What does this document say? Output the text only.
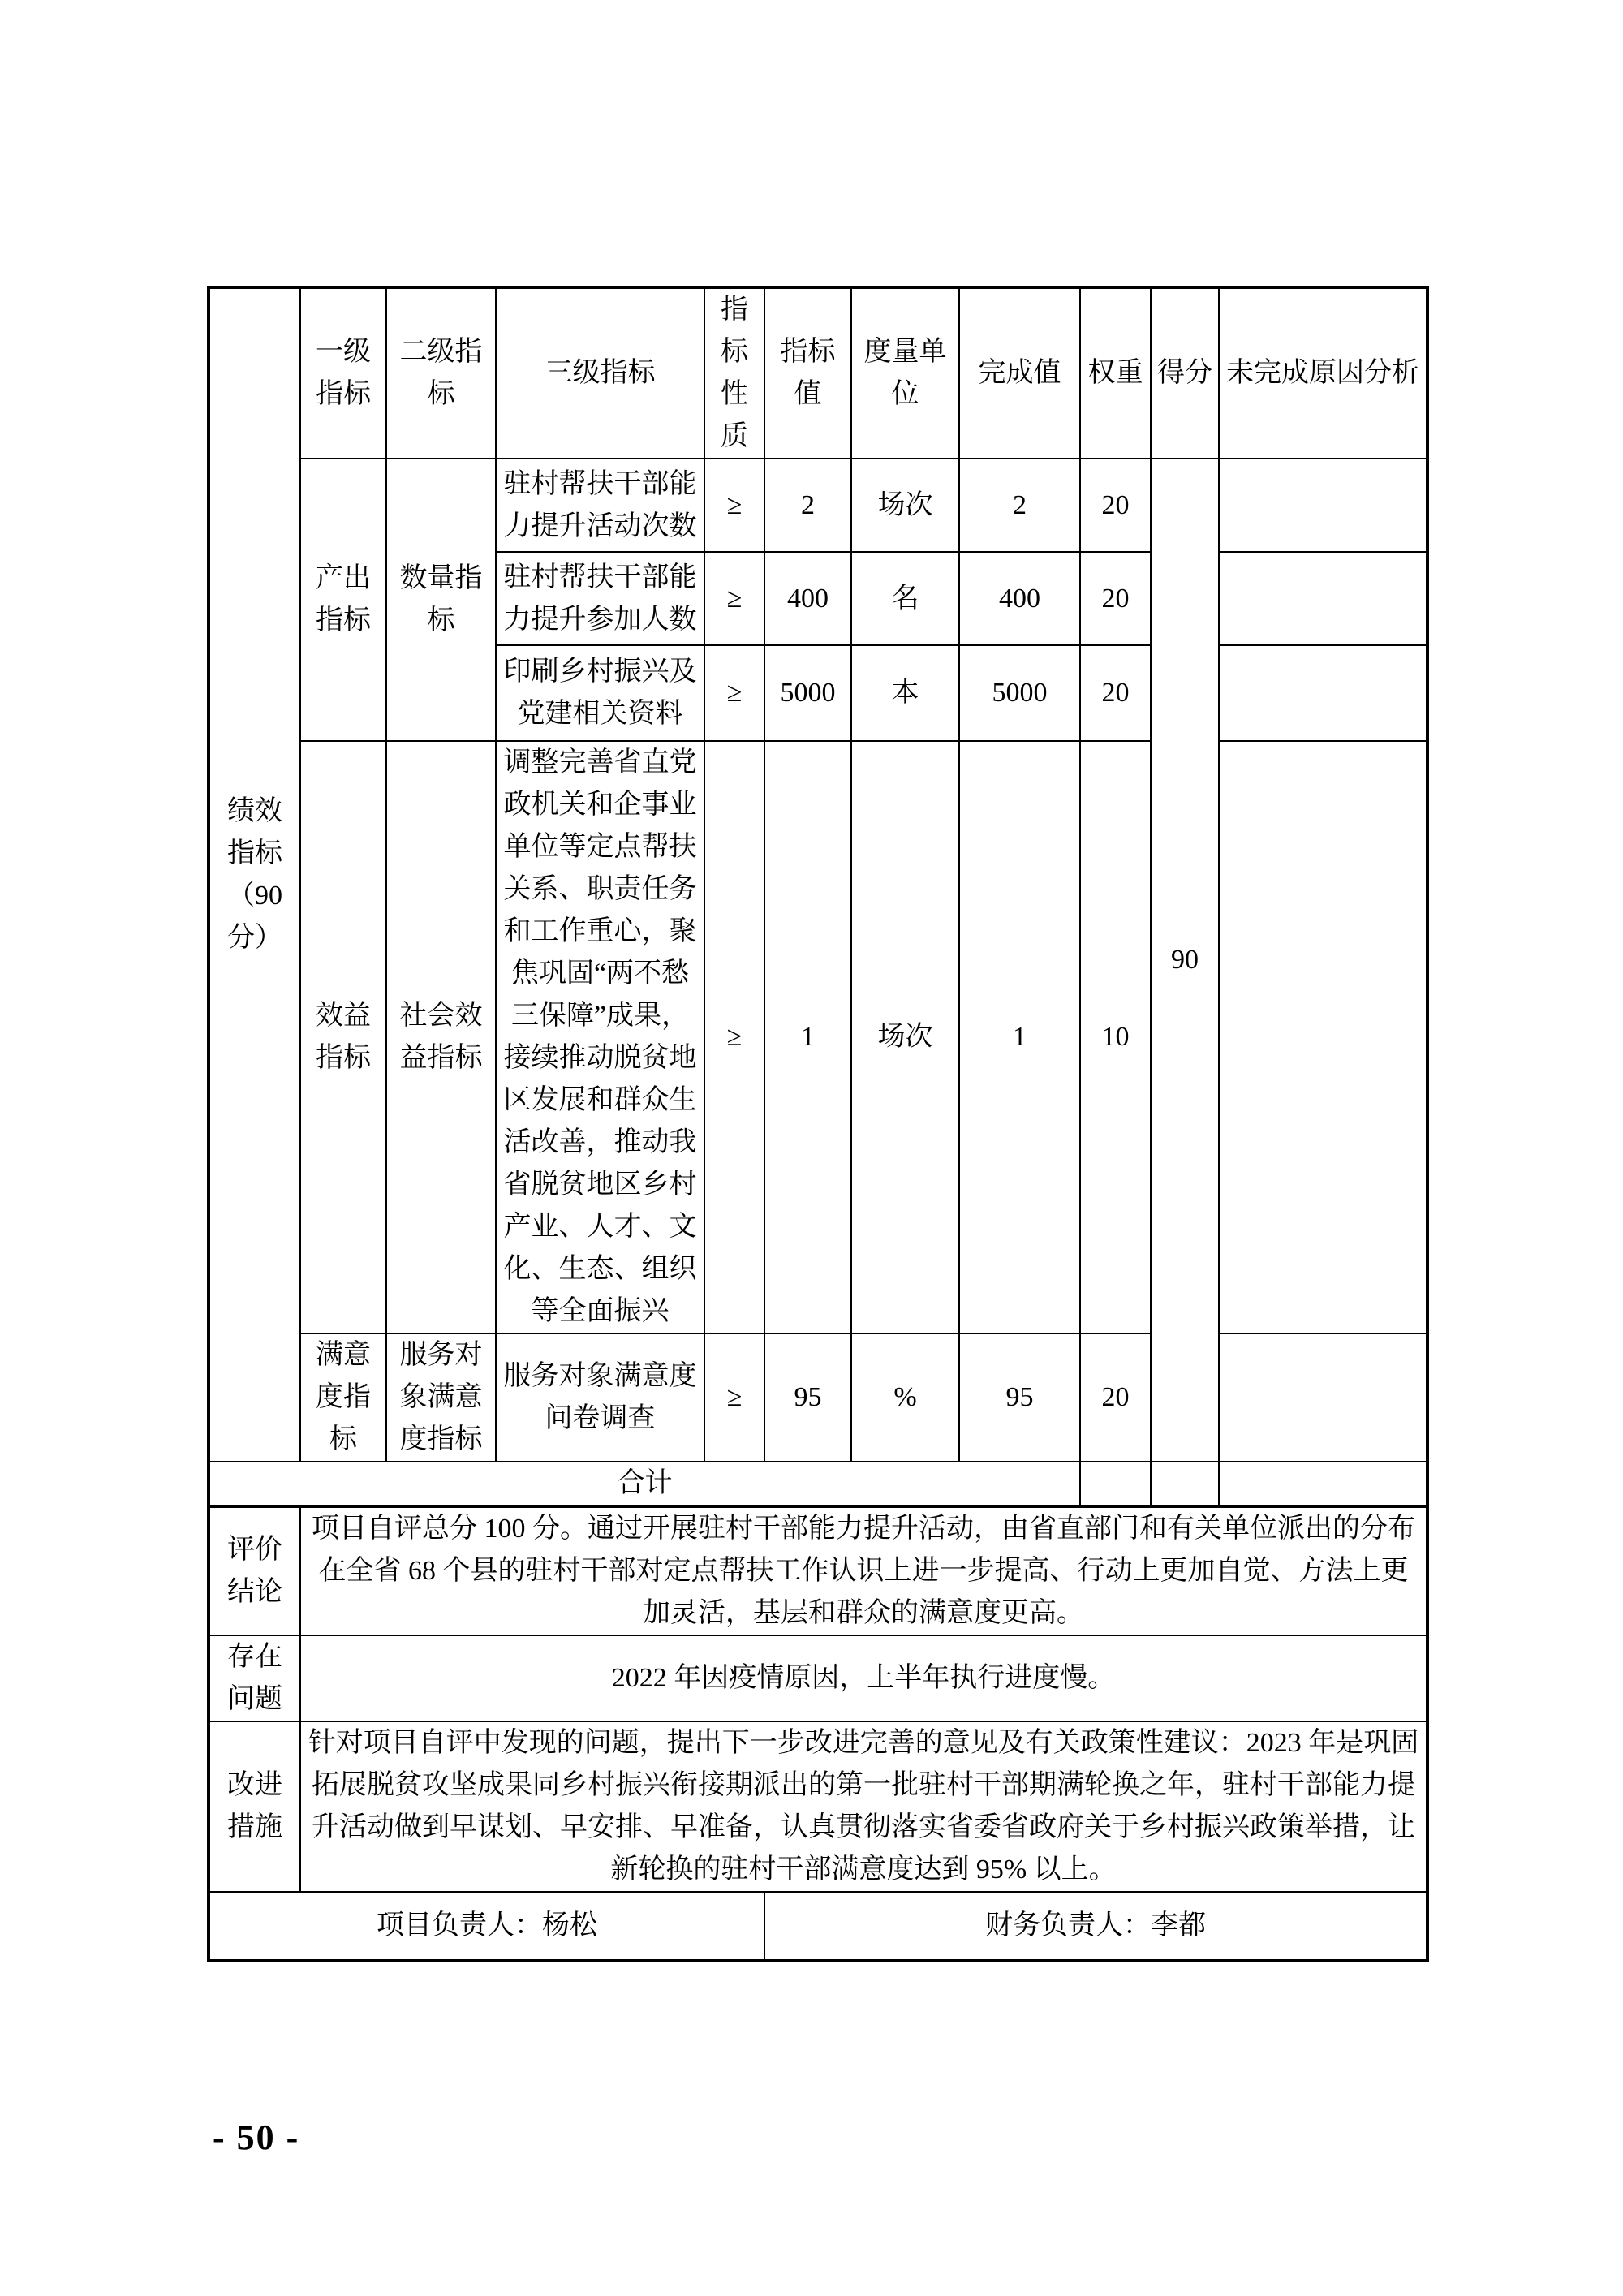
绩效指标（90分）	一级指标	二级指标	三级指标	指标性质	指标值	度量单位	完成值	权重	得分	未完成原因分析
	产出指标	数量指标	驻村帮扶干部能力提升活动次数	≥	2	场次	2	20	90	
			驻村帮扶干部能力提升参加人数	≥	400	名	400	20		
			印刷乡村振兴及党建相关资料	≥	5000	本	5000	20		
	效益指标	社会效益指标	调整完善省直党政机关和企事业单位等定点帮扶关系、职责任务和工作重心，聚焦巩固“两不愁三保障”成果，接续推动脱贫地区发展和群众生活改善，推动我省脱贫地区乡村产业、人才、文化、生态、组织等全面振兴	≥	1	场次	1	10		
	满意度指标	服务对象满意度指标	服务对象满意度问卷调查	≥	95	%	95	20		
合计										
评价结论	项目自评总分 100 分。通过开展驻村干部能力提升活动，由省直部门和有关单位派出的分布在全省 68 个县的驻村干部对定点帮扶工作认识上进一步提高、行动上更加自觉、方法上更加灵活，基层和群众的满意度更高。									
存在问题	2022 年因疫情原因，上半年执行进度慢。									
改进措施	针对项目自评中发现的问题，提出下一步改进完善的意见及有关政策性建议：2023 年是巩固拓展脱贫攻坚成果同乡村振兴衔接期派出的第一批驻村干部期满轮换之年，驻村干部能力提升活动做到早谋划、早安排、早准备，认真贯彻落实省委省政府关于乡村振兴政策举措，让新轮换的驻村干部满意度达到 95% 以上。									
项目负责人：杨松					财务负责人：李都					
- 50 -
